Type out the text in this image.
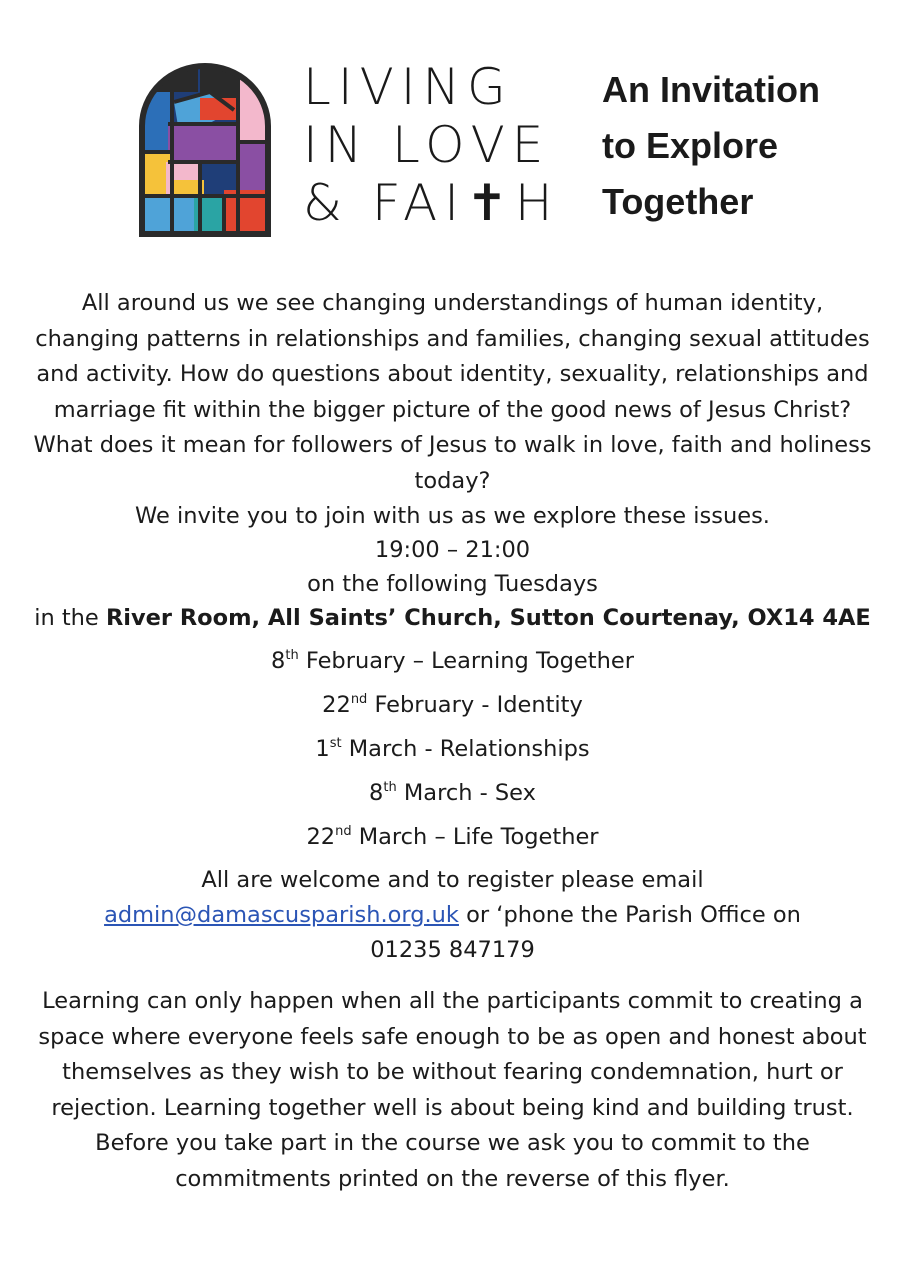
LIVING
IN LOVE
& FAI✝H
An Invitation
to Explore
Together

All around us we see changing understandings of human identity, changing patterns in relationships and families, changing sexual attitudes and activity. How do questions about identity, sexuality, relationships and marriage fit within the bigger picture of the good news of Jesus Christ? What does it mean for followers of Jesus to walk in love, faith and holiness today?

We invite you to join with us as we explore these issues.

19:00 – 21:00

on the following Tuesdays

in the River Room, All Saints’ Church, Sutton Courtenay, OX14 4AE

8th February – Learning Together

22nd February - Identity

1st March - Relationships

8th March - Sex

22nd March – Life Together

All are welcome and to register please email

admin@damascusparish.org.uk or ‘phone the Parish Office on

01235 847179

Learning can only happen when all the participants commit to creating a space where everyone feels safe enough to be as open and honest about themselves as they wish to be without fearing condemnation, hurt or rejection. Learning together well is about being kind and building trust. Before you take part in the course we ask you to commit to the commitments printed on the reverse of this flyer.
